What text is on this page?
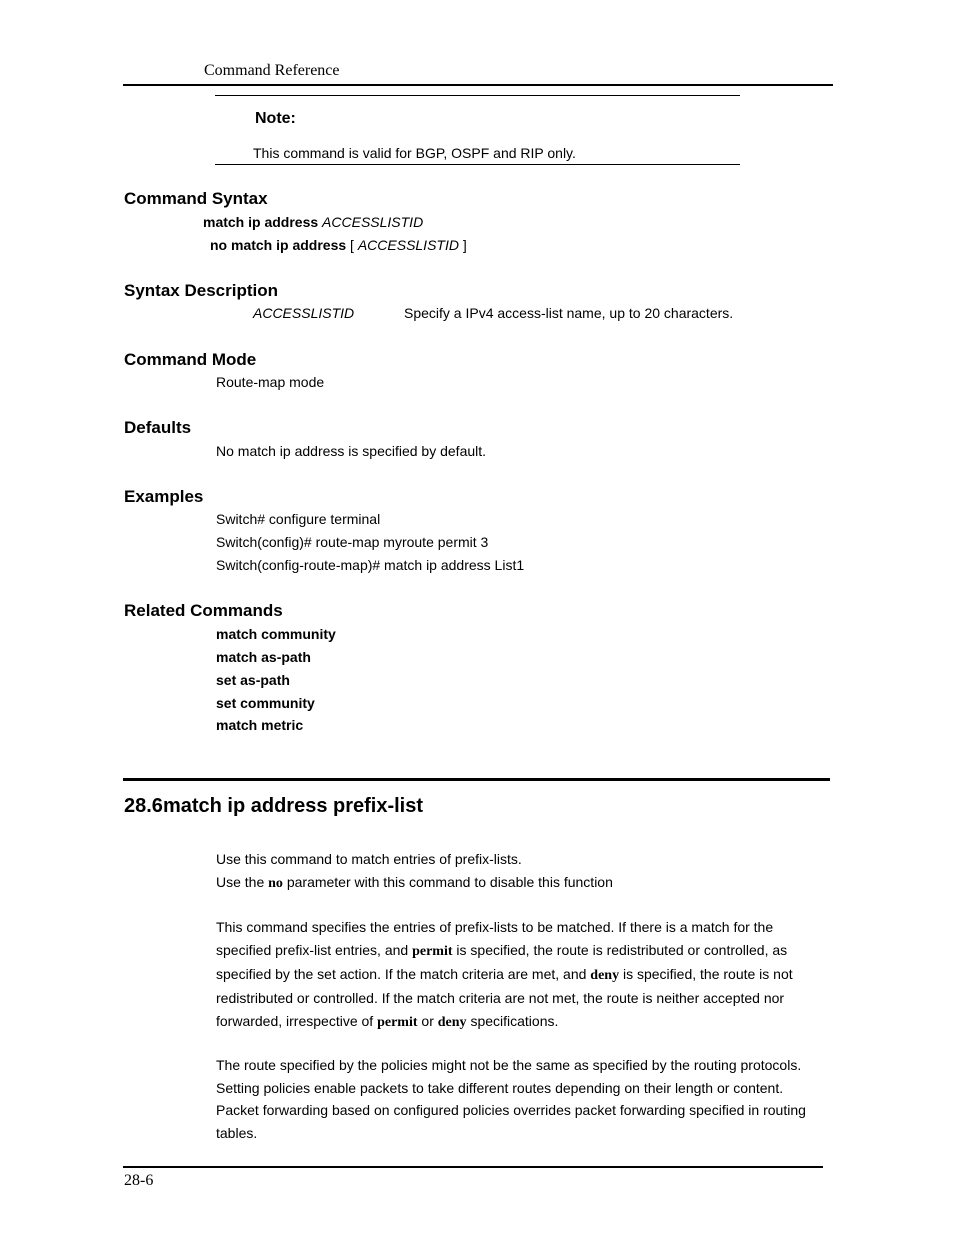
Command Reference
Note:
This command is valid for BGP, OSPF and RIP only.
Command Syntax
match ip address ACCESSLISTID
no match ip address [ ACCESSLISTID ]
Syntax Description
ACCESSLISTID	Specify a IPv4 access-list name, up to 20 characters.
Command Mode
Route-map mode
Defaults
No match ip address is specified by default.
Examples
Switch# configure terminal
Switch(config)# route-map myroute permit 3
Switch(config-route-map)# match ip address List1
Related Commands
match community
match as-path
set as-path
set community
match metric
28.6match ip address prefix-list
Use this command to match entries of prefix-lists.
Use the no parameter with this command to disable this function
This command specifies the entries of prefix-lists to be matched. If there is a match for the
specified prefix-list entries, and permit is specified, the route is redistributed or controlled, as
specified by the set action. If the match criteria are met, and deny is specified, the route is not
redistributed or controlled. If the match criteria are not met, the route is neither accepted nor
forwarded, irrespective of permit or deny specifications.
The route specified by the policies might not be the same as specified by the routing protocols.
Setting policies enable packets to take different routes depending on their length or content.
Packet forwarding based on configured policies overrides packet forwarding specified in routing
tables.
28-6
